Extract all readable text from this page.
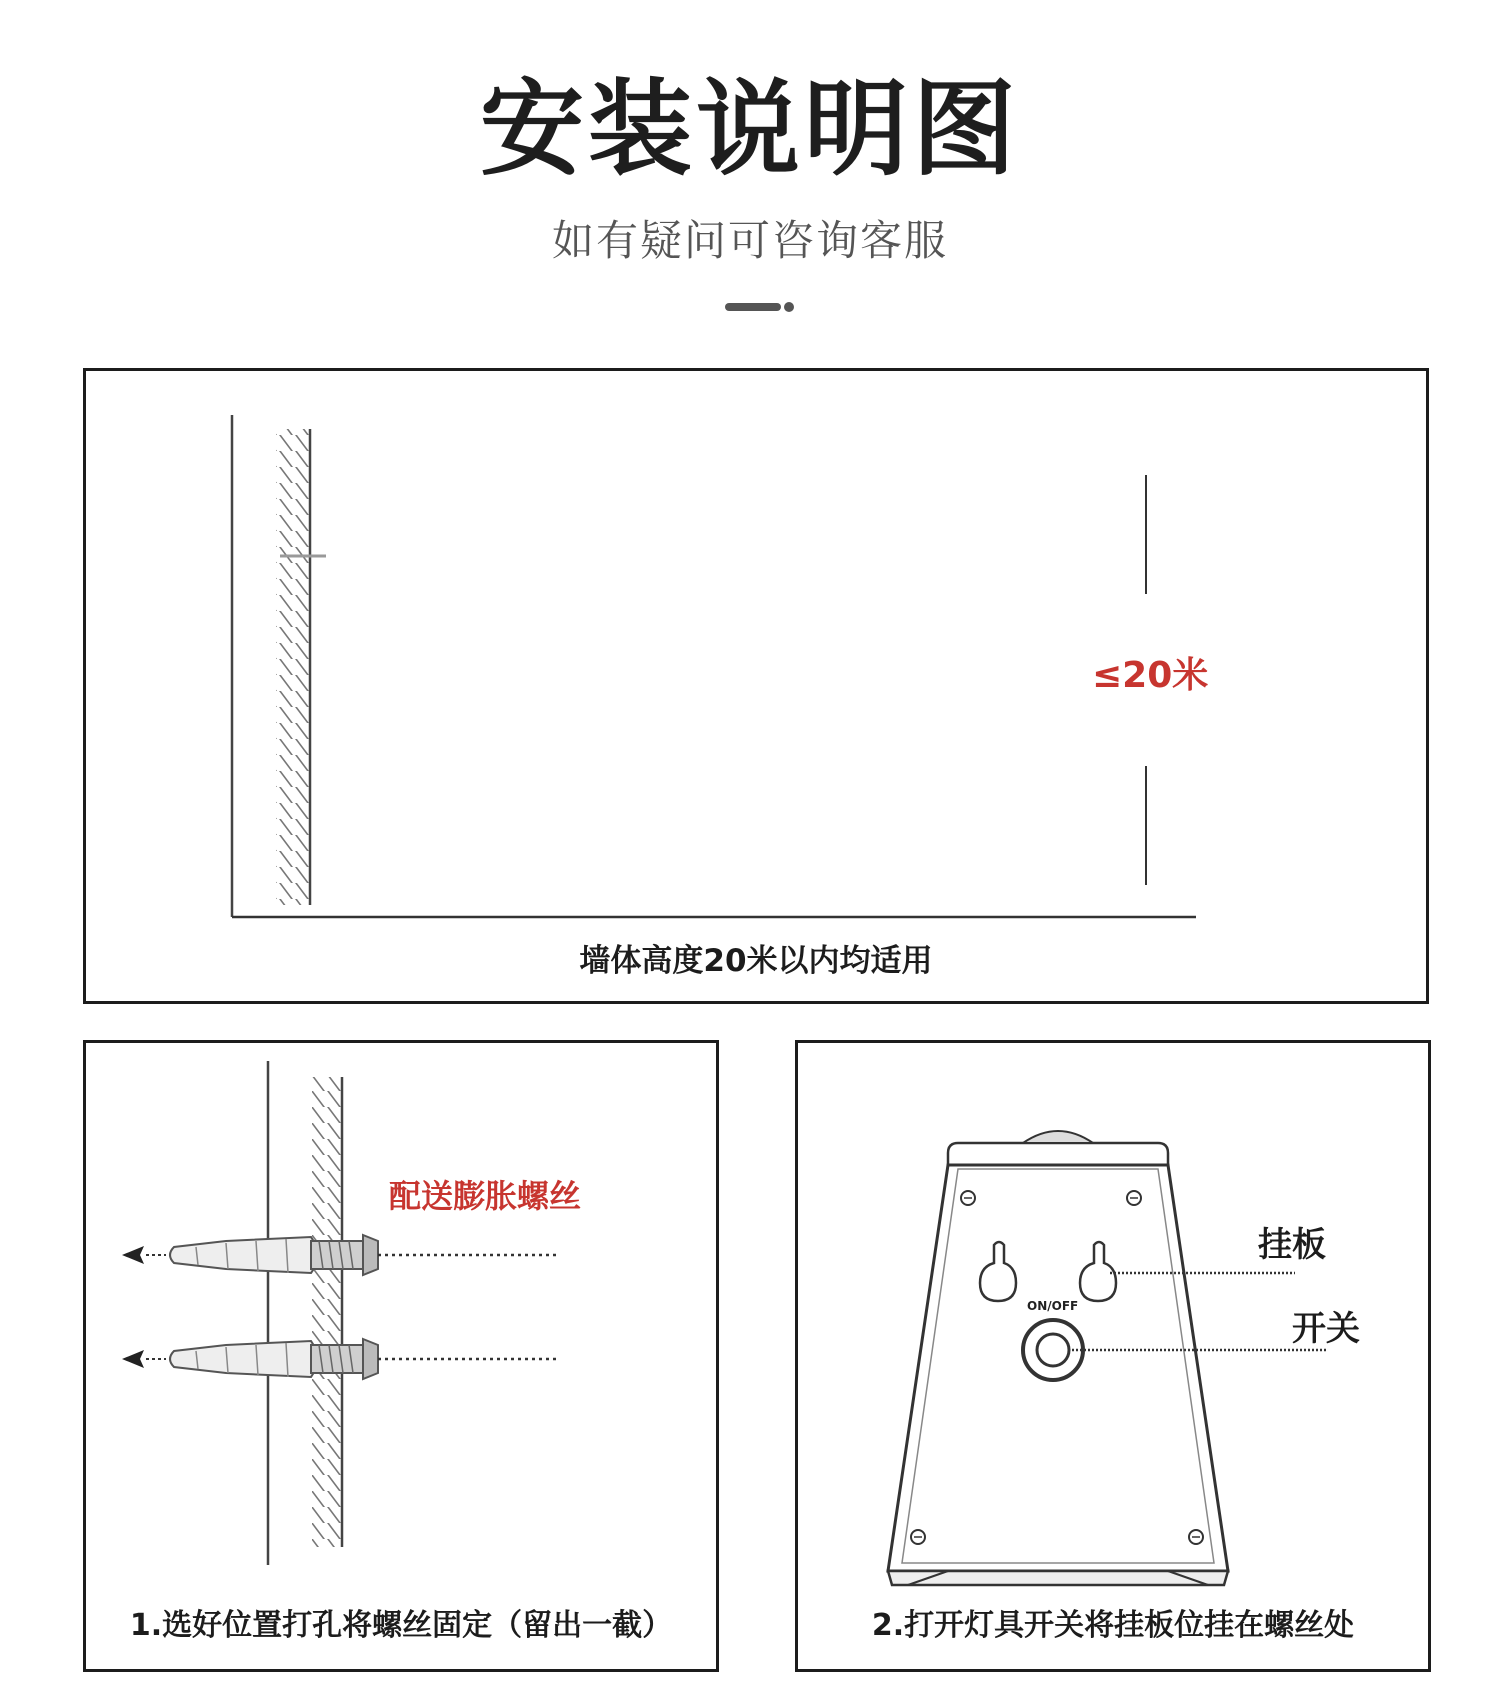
安装说明图
如有疑问可咨询客服
≤20米
墙体高度20米以内均适用
配送膨胀螺丝
1.选好位置打孔将螺丝固定（留出一截）
ON/OFF
挂板
开关
2.打开灯具开关将挂板位挂在螺丝处
